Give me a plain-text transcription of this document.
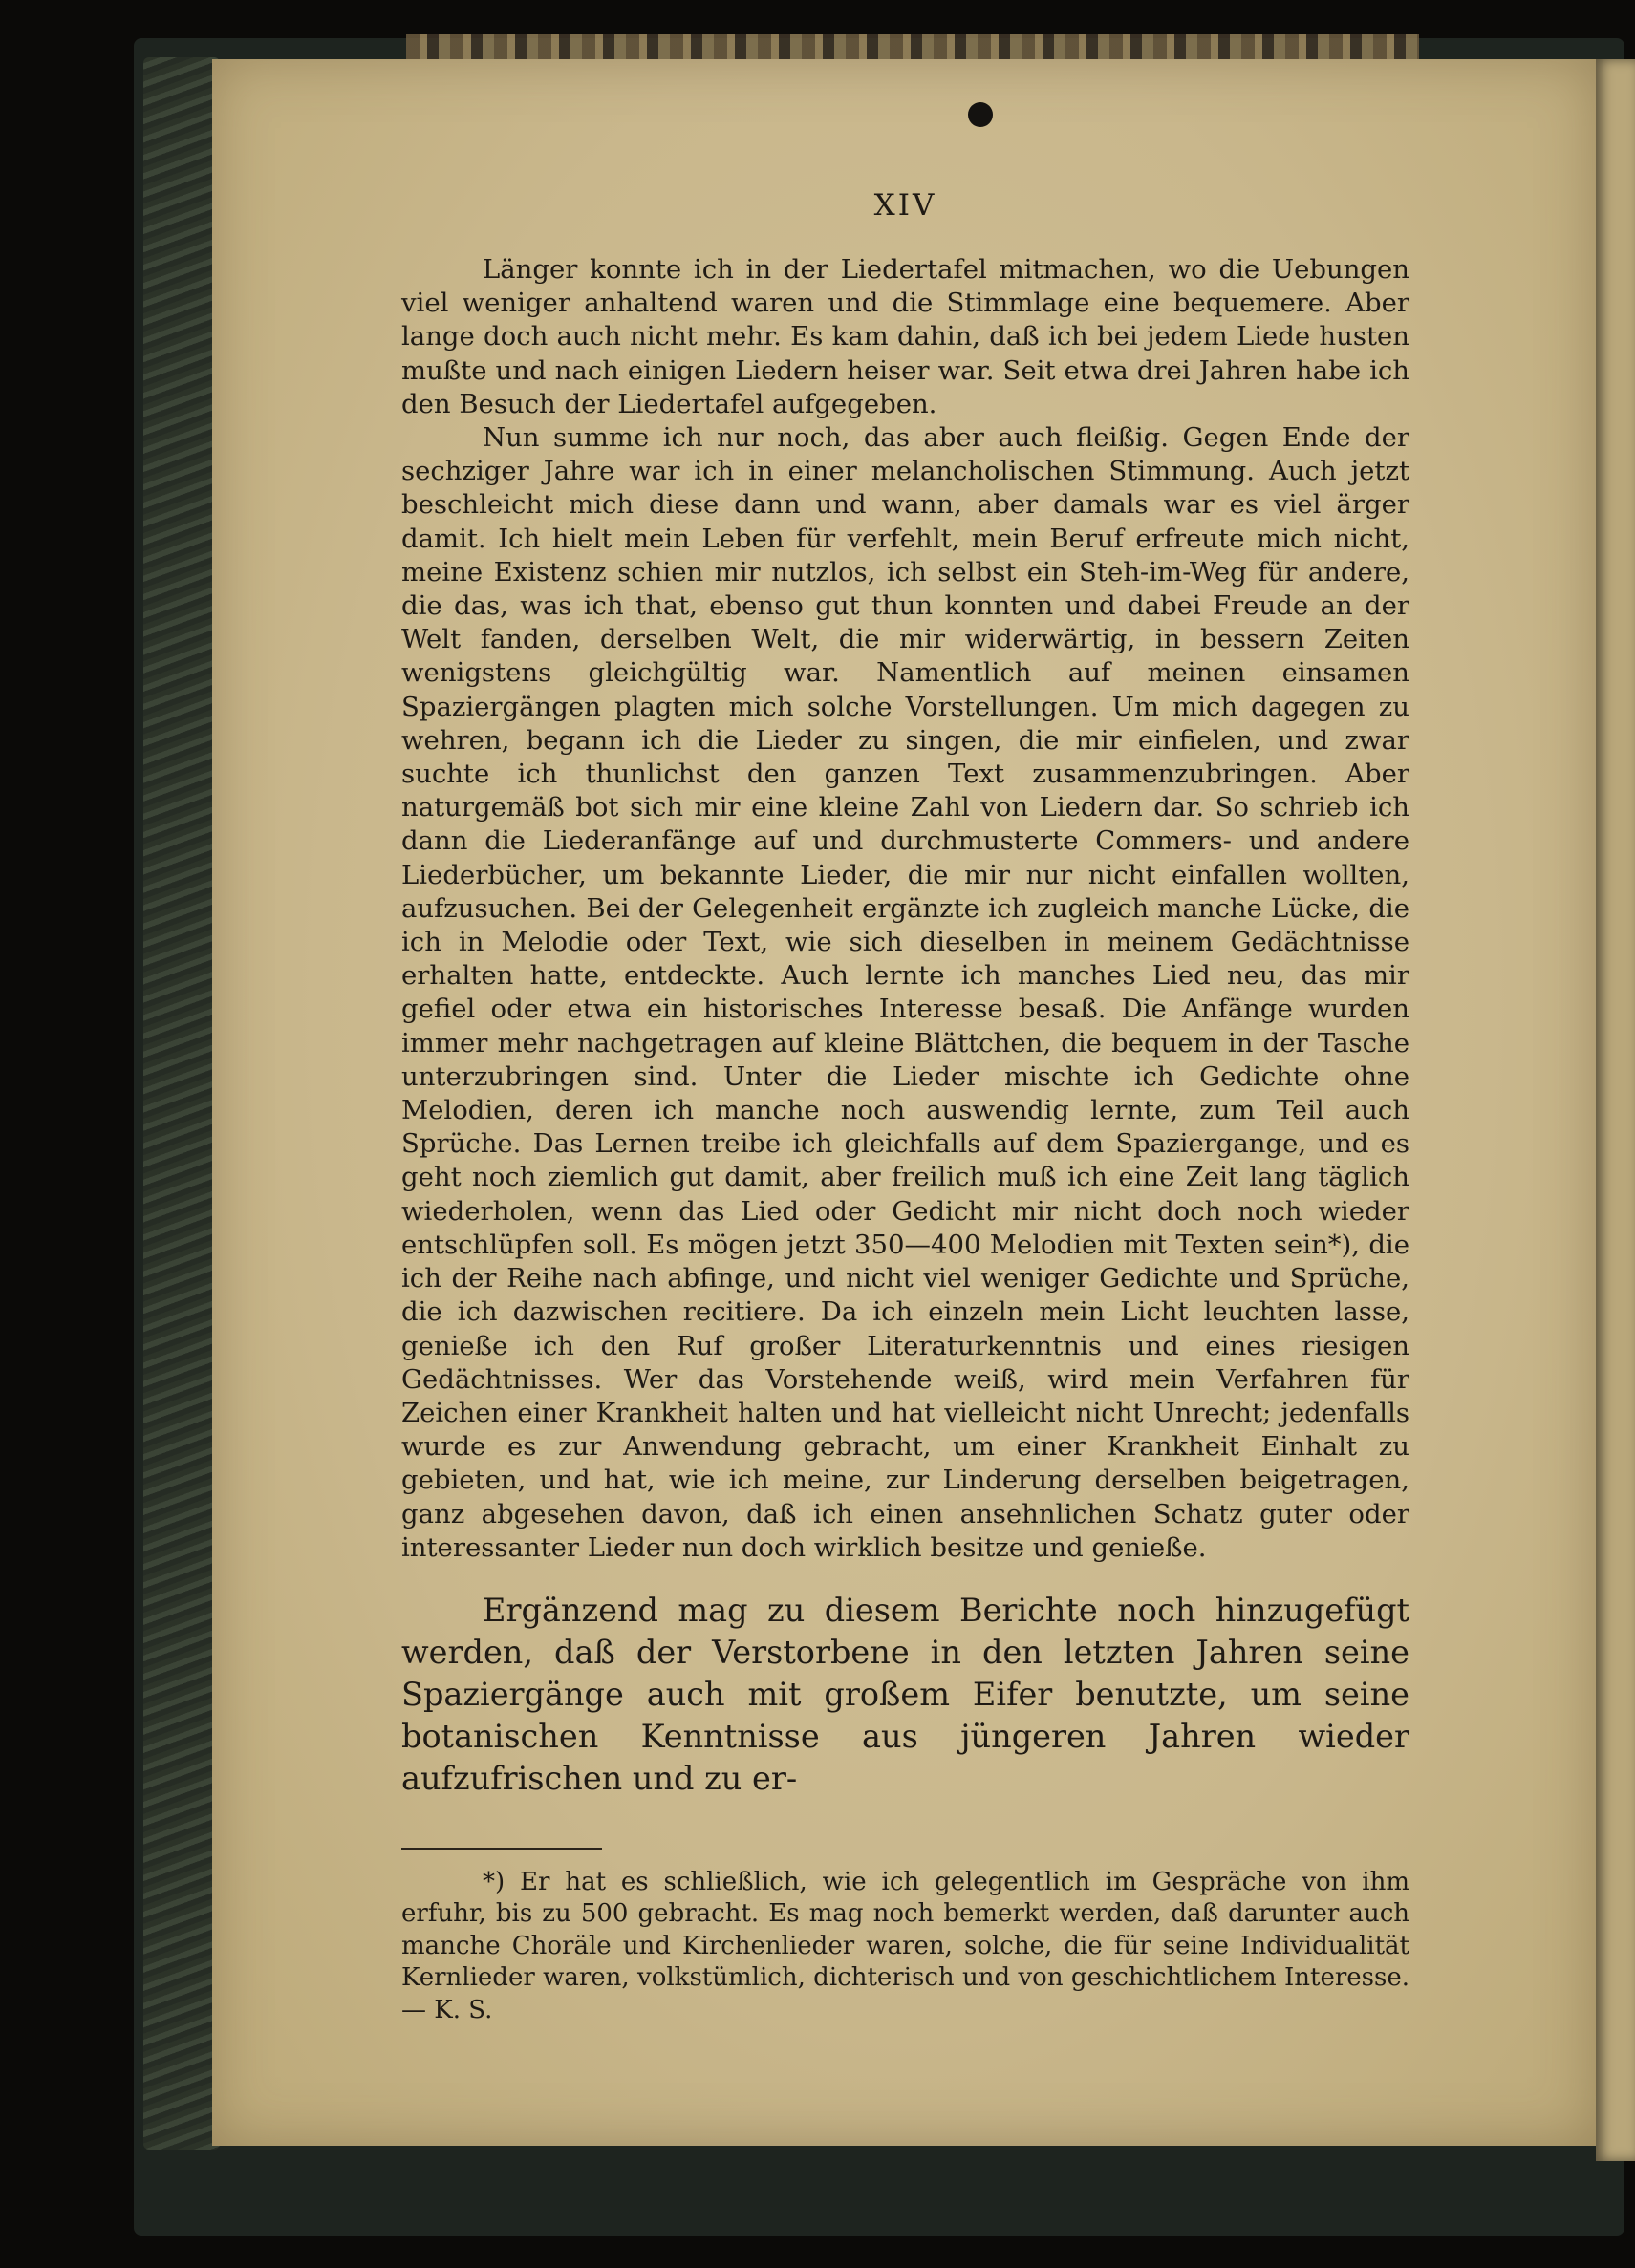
XIV

Länger konnte ich in der Liedertafel mitmachen, wo die Uebungen viel weniger anhaltend waren und die Stimmlage eine bequemere. Aber lange doch auch nicht mehr. Es kam dahin, daß ich bei jedem Liede husten mußte und nach einigen Liedern heiser war. Seit etwa drei Jahren habe ich den Besuch der Liedertafel aufgegeben.

Nun summe ich nur noch, das aber auch fleißig. Gegen Ende der sechziger Jahre war ich in einer melancholischen Stimmung. Auch jetzt beschleicht mich diese dann und wann, aber damals war es viel ärger damit. Ich hielt mein Leben für verfehlt, mein Beruf erfreute mich nicht, meine Existenz schien mir nutzlos, ich selbst ein Steh-im-Weg für andere, die das, was ich that, ebenso gut thun konnten und dabei Freude an der Welt fanden, derselben Welt, die mir widerwärtig, in bessern Zeiten wenigstens gleichgültig war. Namentlich auf meinen einsamen Spaziergängen plagten mich solche Vorstellungen. Um mich dagegen zu wehren, begann ich die Lieder zu singen, die mir einfielen, und zwar suchte ich thunlichst den ganzen Text zusammenzubringen. Aber naturgemäß bot sich mir eine kleine Zahl von Liedern dar. So schrieb ich dann die Liederanfänge auf und durchmusterte Commers- und andere Liederbücher, um bekannte Lieder, die mir nur nicht einfallen wollten, aufzusuchen. Bei der Gelegenheit ergänzte ich zugleich manche Lücke, die ich in Melodie oder Text, wie sich dieselben in meinem Gedächtnisse erhalten hatte, entdeckte. Auch lernte ich manches Lied neu, das mir gefiel oder etwa ein historisches Interesse besaß. Die Anfänge wurden immer mehr nachgetragen auf kleine Blättchen, die bequem in der Tasche unterzubringen sind. Unter die Lieder mischte ich Gedichte ohne Melodien, deren ich manche noch auswendig lernte, zum Teil auch Sprüche. Das Lernen treibe ich gleichfalls auf dem Spaziergange, und es geht noch ziemlich gut damit, aber freilich muß ich eine Zeit lang täglich wiederholen, wenn das Lied oder Gedicht mir nicht doch noch wieder entschlüpfen soll. Es mögen jetzt 350—400 Melodien mit Texten sein*), die ich der Reihe nach abfinge, und nicht viel weniger Gedichte und Sprüche, die ich dazwischen recitiere. Da ich einzeln mein Licht leuchten lasse, genieße ich den Ruf großer Literaturkenntnis und eines riesigen Gedächtnisses. Wer das Vorstehende weiß, wird mein Verfahren für Zeichen einer Krankheit halten und hat vielleicht nicht Unrecht; jedenfalls wurde es zur Anwendung gebracht, um einer Krankheit Einhalt zu gebieten, und hat, wie ich meine, zur Linderung derselben beigetragen, ganz abgesehen davon, daß ich einen ansehnlichen Schatz guter oder interessanter Lieder nun doch wirklich besitze und genieße.

Ergänzend mag zu diesem Berichte noch hinzugefügt werden, daß der Verstorbene in den letzten Jahren seine Spaziergänge auch mit großem Eifer benutzte, um seine botanischen Kenntnisse aus jüngeren Jahren wieder aufzufrischen und zu er-

*) Er hat es schließlich, wie ich gelegentlich im Gespräche von ihm erfuhr, bis zu 500 gebracht. Es mag noch bemerkt werden, daß darunter auch manche Choräle und Kirchenlieder waren, solche, die für seine Individualität Kernlieder waren, volkstümlich, dichterisch und von geschichtlichem Interesse. — K. S.
